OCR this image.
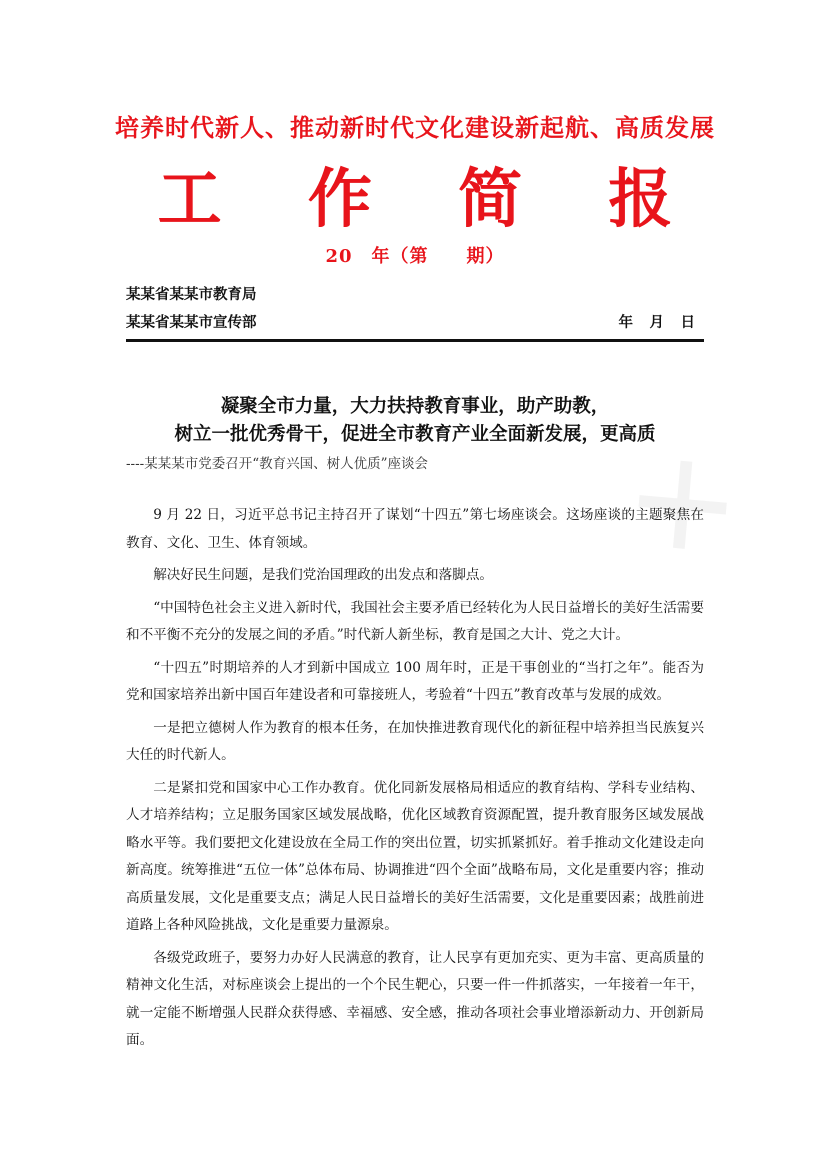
✕
培养时代新人、推动新时代文化建设新起航、高质发展
工 作 简 报
20　年（第　　期）
某某省某某市教育局
某某省某某市宣传部	年　月　日
凝聚全市力量，大力扶持教育事业，助产助教，
树立一批优秀骨干，促进全市教育产业全面新发展，更高质
----某某某市党委召开“教育兴国、树人优质”座谈会

9 月 22 日，习近平总书记主持召开了谋划“十四五”第七场座谈会。这场座谈的主题聚焦在教育、文化、卫生、体育领域。

解决好民生问题，是我们党治国理政的出发点和落脚点。

“中国特色社会主义进入新时代，我国社会主要矛盾已经转化为人民日益增长的美好生活需要和不平衡不充分的发展之间的矛盾。”时代新人新坐标，教育是国之大计、党之大计。

“十四五”时期培养的人才到新中国成立 100 周年时，正是干事创业的“当打之年”。能否为党和国家培养出新中国百年建设者和可靠接班人，考验着“十四五”教育改革与发展的成效。

一是把立德树人作为教育的根本任务，在加快推进教育现代化的新征程中培养担当民族复兴大任的时代新人。

二是紧扣党和国家中心工作办教育。优化同新发展格局相适应的教育结构、学科专业结构、人才培养结构；立足服务国家区域发展战略，优化区域教育资源配置，提升教育服务区域发展战略水平等。我们要把文化建设放在全局工作的突出位置，切实抓紧抓好。着手推动文化建设走向新高度。统筹推进“五位一体”总体布局、协调推进“四个全面”战略布局，文化是重要内容；推动高质量发展，文化是重要支点；满足人民日益增长的美好生活需要，文化是重要因素；战胜前进道路上各种风险挑战，文化是重要力量源泉。

各级党政班子，要努力办好人民满意的教育，让人民享有更加充实、更为丰富、更高质量的精神文化生活，对标座谈会上提出的一个个民生靶心，只要一件一件抓落实，一年接着一年干，就一定能不断增强人民群众获得感、幸福感、安全感，推动各项社会事业增添新动力、开创新局面。
